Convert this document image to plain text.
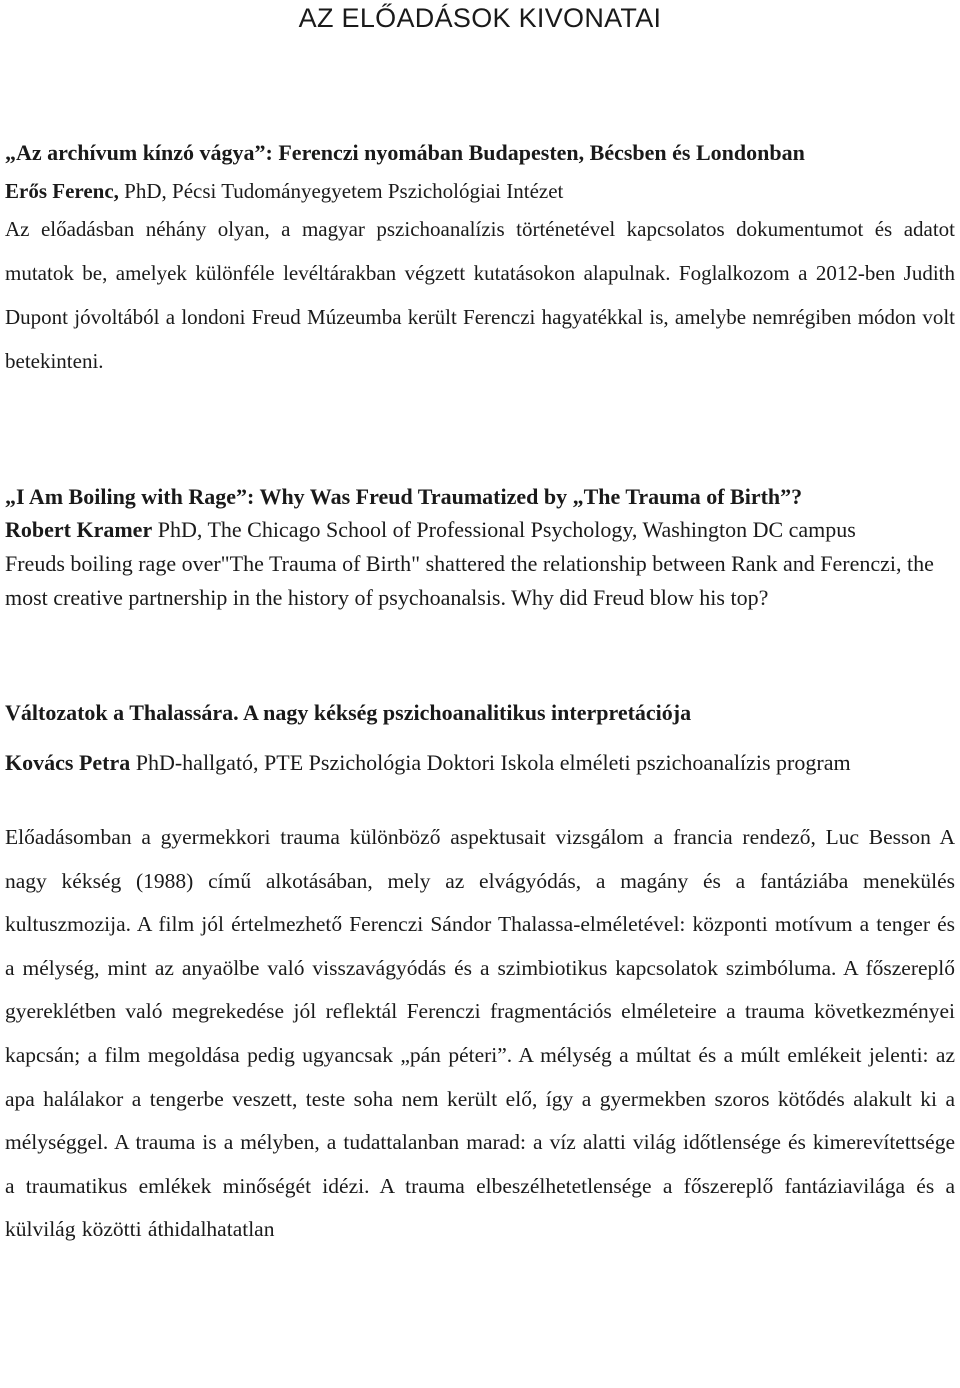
AZ ELŐADÁSOK KIVONATAI
„Az archívum kínzó vágya”: Ferenczi nyomában Budapesten, Bécsben és Londonban

Erős Ferenc, PhD, Pécsi Tudományegyetem Pszichológiai Intézet

Az előadásban néhány olyan, a magyar pszichoanalízis történetével kapcsolatos dokumentumot és adatot mutatok be, amelyek különféle levéltárakban végzett kutatásokon alapulnak. Foglalkozom a 2012-ben Judith Dupont jóvoltából a londoni Freud Múzeumba került Ferenczi hagyatékkal is, amelybe nemrégiben módon volt betekinteni.

„I Am Boiling with Rage”: Why Was Freud Traumatized by „The Trauma of Birth”?

Robert Kramer PhD, The Chicago School of Professional Psychology, Washington DC campus

Freuds boiling rage over"The Trauma of Birth" shattered the relationship between Rank and Ferenczi, the most creative partnership in the history of psychoanalsis. Why did Freud blow his top?

Változatok a Thalassára. A nagy kékség pszichoanalitikus interpretációja

Kovács Petra PhD-hallgató, PTE Pszichológia Doktori Iskola elméleti pszichoanalízis program

Előadásomban a gyermekkori trauma különböző aspektusait vizsgálom a francia rendező, Luc Besson A nagy kékség (1988) című alkotásában, mely az elvágyódás, a magány és a fantáziába menekülés kultuszmozija. A film jól értelmezhető Ferenczi Sándor Thalassa-elméletével: központi motívum a tenger és a mélység, mint az anyaölbe való visszavágyódás és a szimbiotikus kapcsolatok szimbóluma. A főszereplő gyereklétben való megrekedése jól reflektál Ferenczi fragmentációs elméleteire a trauma következményei kapcsán; a film megoldása pedig ugyancsak „pán péteri”. A mélység a múltat és a múlt emlékeit jelenti: az apa halálakor a tengerbe veszett, teste soha nem került elő, így a gyermekben szoros kötődés alakult ki a mélységgel. A trauma is a mélyben, a tudattalanban marad: a víz alatti világ időtlensége és kimerevítettsége a traumatikus emlékek minőségét idézi. A trauma elbeszélhetetlensége a főszereplő fantáziavilága és a külvilág közötti áthidalhatatlan
